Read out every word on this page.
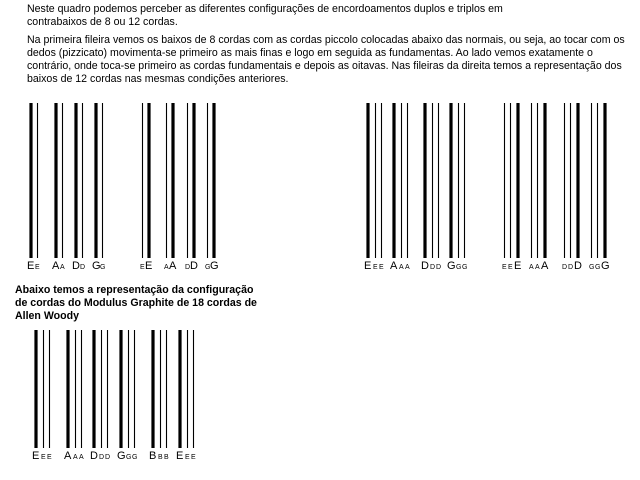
Neste quadro podemos perceber as diferentes configurações de encordoamentos duplos e triplos em contrabaixos de 8 ou 12 cordas.

Na primeira fileira vemos os baixos de 8 cordas com as cordas piccolo colocadas abaixo das normais, ou seja, ao tocar com os dedos (pizzicato) movimenta-se primeiro as mais finas e logo em seguida as fundamentas. Ao lado vemos exatamente o contrário, onde toca-se primeiro as cordas fundamentais e depois as oitavas. Nas fileiras da direita temos a representação dos baixos de 12 cordas nas mesmas condições anteriores.

Abaixo temos a representação da configuração de cordas do Modulus Graphite de 18 cordas de Allen Woody

E E A A D D G G	E E A A D D G G	E E E A A A D D D G G G	E E E A A A D D D G G G
E E E A A A D D D G G G B B B E E E
